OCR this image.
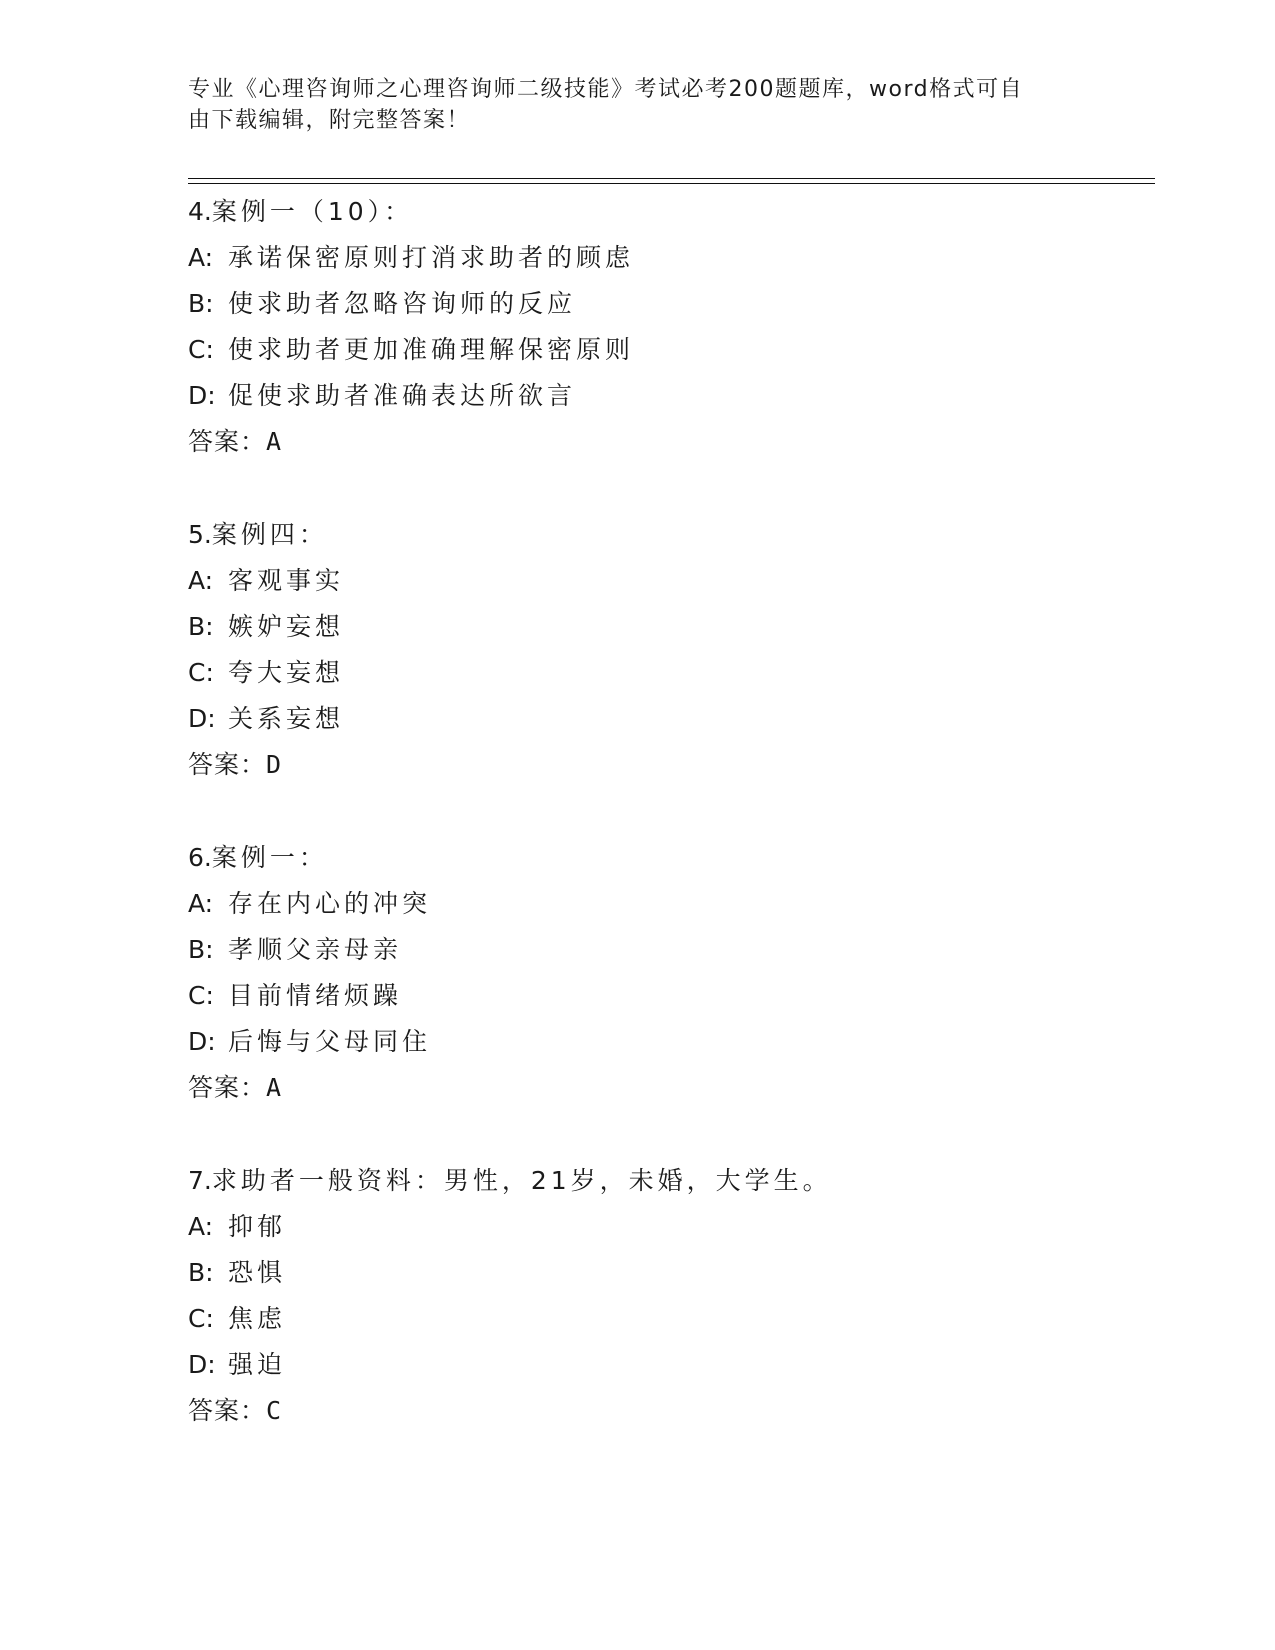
专业《心理咨询师之心理咨询师二级技能》考试必考200题题库，word格式可自
由下载编辑，附完整答案！
4.案例一（10）：
A: 承诺保密原则打消求助者的顾虑
B: 使求助者忽略咨询师的反应
C: 使求助者更加准确理解保密原则
D: 促使求助者准确表达所欲言
答案：A
5.案例四：
A: 客观事实
B: 嫉妒妄想
C: 夸大妄想
D: 关系妄想
答案：D
6.案例一：
A: 存在内心的冲突
B: 孝顺父亲母亲
C: 目前情绪烦躁
D: 后悔与父母同住
答案：A
7.求助者一般资料：男性，21岁，未婚，大学生。
A: 抑郁
B: 恐惧
C: 焦虑
D: 强迫
答案：C
